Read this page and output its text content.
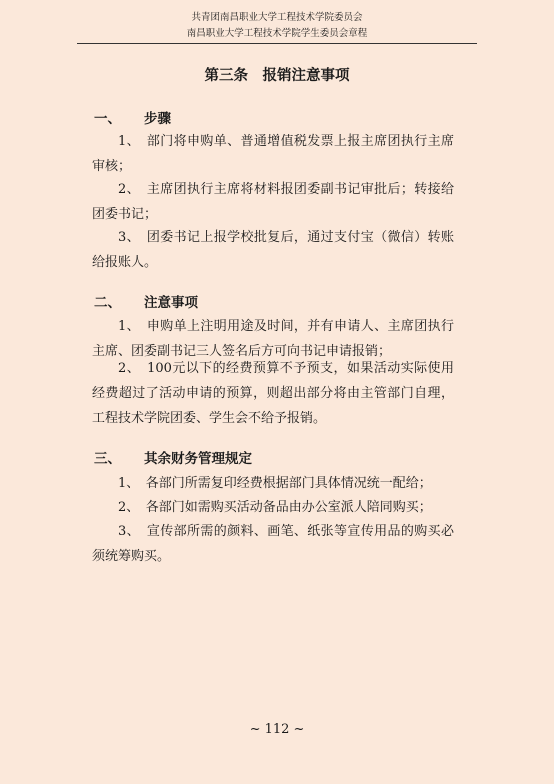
共青团南昌职业大学工程技术学院委员会
南昌职业大学工程技术学院学生委员会章程
第三条　报销注意事项
一、 步骤
1、　部门将申购单、普通增值税发票上报主席团执行主席审核；
2、　主席团执行主席将材料报团委副书记审批后；转接给团委书记；
3、　团委书记上报学校批复后，通过支付宝（微信）转账给报账人。
二、 注意事项
1、　申购单上注明用途及时间，并有申请人、主席团执行主席、团委副书记三人签名后方可向书记申请报销；
2、　100元以下的经费预算不予预支，如果活动实际使用经费超过了活动申请的预算，则超出部分将由主管部门自理，工程技术学院团委、学生会不给予报销。
三、 其余财务管理规定
1、　各部门所需复印经费根据部门具体情况统一配给；
2、　各部门如需购买活动备品由办公室派人陪同购买；
3、　宣传部所需的颜料、画笔、纸张等宣传用品的购买必须统筹购买。
~ 112 ~
